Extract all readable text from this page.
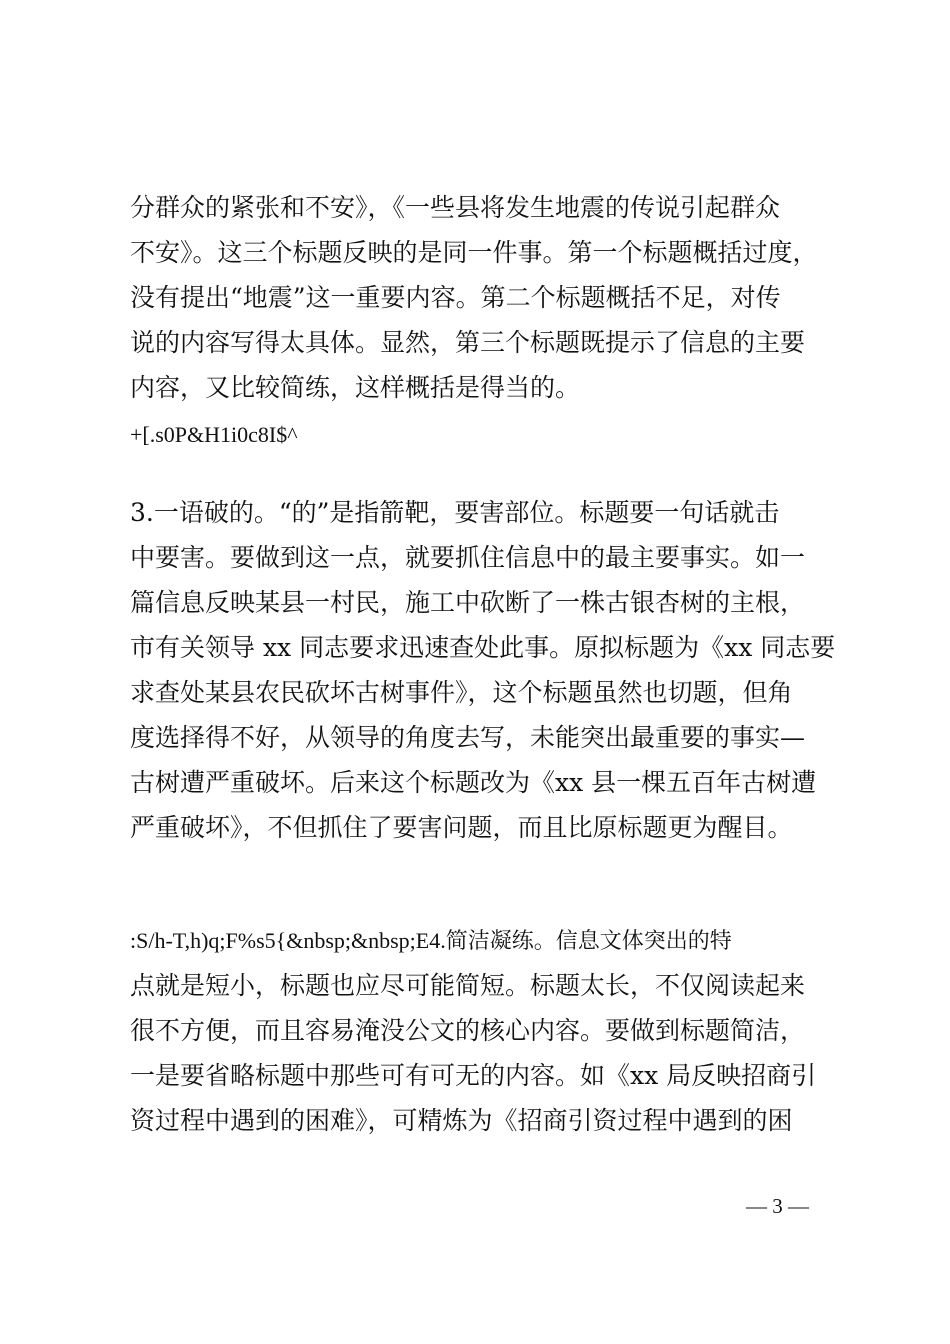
分群众的紧张和不安》，《一些县将发生地震的传说引起群众
不安》。这三个标题反映的是同一件事。第一个标题概括过度，
没有提出“地震”这一重要内容。第二个标题概括不足，对传
说的内容写得太具体。显然，第三个标题既提示了信息的主要
内容，又比较简练，这样概括是得当的。
+[.s0P&H1i0c8I$^
3.一语破的。“的”是指箭靶，要害部位。标题要一句话就击
中要害。要做到这一点，就要抓住信息中的最主要事实。如一
篇信息反映某县一村民，施工中砍断了一株古银杏树的主根，
市有关领导 xx 同志要求迅速查处此事。原拟标题为《xx 同志要
求查处某县农民砍坏古树事件》，这个标题虽然也切题，但角
度选择得不好，从领导的角度去写，未能突出最重要的事实—
古树遭严重破坏。后来这个标题改为《xx 县一棵五百年古树遭
严重破坏》，不但抓住了要害问题，而且比原标题更为醒目。
:S/h-T,h)q;F%s5{&nbsp;&nbsp;E4.简洁凝练。信息文体突出的特
点就是短小，标题也应尽可能简短。标题太长，不仅阅读起来
很不方便，而且容易淹没公文的核心内容。要做到标题简洁，
一是要省略标题中那些可有可无的内容。如《xx 局反映招商引
资过程中遇到的困难》，可精炼为《招商引资过程中遇到的困
— 3 —
